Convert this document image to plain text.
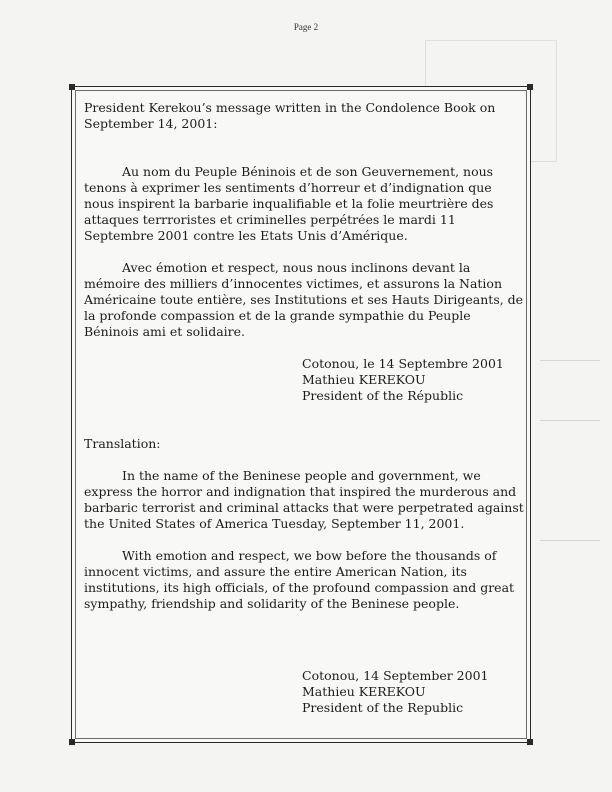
Page 2

President Kerekou’s message written in the Condolence Book on September 14, 2001:

Au nom du Peuple Béninois et de son Geuvernement, nous tenons à exprimer les sentiments d’horreur et d’indignation que nous inspirent la barbarie inqualifiable et la folie meurtrière des attaques terrroristes et criminelles perpétrées le mardi 11 Septembre 2001 contre les Etats Unis d’Amérique.

Avec émotion et respect, nous nous inclinons devant la mémoire des milliers d’innocentes victimes, et assurons la Nation Américaine toute entière, ses Institutions et ses Hauts Dirigeants, de la profonde compassion et de la grande sympathie du Peuple Béninois ami et solidaire.

Cotonou, le 14 Septembre 2001
Mathieu KEREKOU
President of the Républic

Translation:

In the name of the Beninese people and government, we express the horror and indignation that inspired the murderous and barbaric terrorist and criminal attacks that were perpetrated against the United States of America Tuesday, September 11, 2001.

With emotion and respect, we bow before the thousands of innocent victims, and assure the entire American Nation, its institutions, its high officials, of the profound compassion and great sympathy, friendship and solidarity of the Beninese people.

Cotonou, 14 September 2001
Mathieu KEREKOU
President of the Republic
